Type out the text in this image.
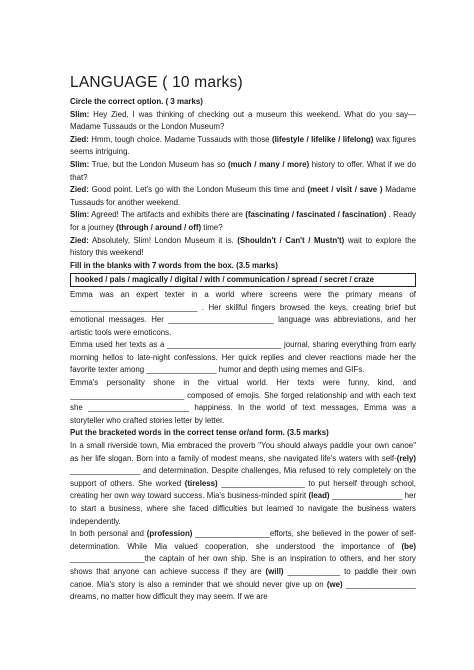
LANGUAGE ( 10 marks)

Circle the correct option. ( 3 marks)

Slim: Hey Zied, I was thinking of checking out a museum this weekend. What do you say—Madame Tussauds or the London Museum?

Zied: Hmm, tough choice. Madame Tussauds with those (lifestyle / lifelike / lifelong) wax figures seems intriguing.

Slim: True, but the London Museum has so (much / many / more) history to offer. What if we do that?

Zied: Good point. Let's go with the London Museum this time and (meet / visit / save ) Madame Tussauds for another weekend.

Slim: Agreed! The artifacts and exhibits there are (fascinating / fascinated / fascination) . Ready for a journey (through / around / off) time?

Zied: Absolutely, Slim! London Museum it is. (Shouldn't / Can't / Mustn't) wait to explore the history this weekend!

Fill in the blanks with 7 words from the box. (3.5 marks)

hooked / pals / magically / digital / with / communication / spread / secret / craze

Emma was an expert texter in a world where screens were the primary means of _____________________________ . Her skillful fingers browsed the keys, creating brief but emotional messages. Her ________________________ language was abbreviations, and her artistic tools were emoticons.

Emma used her texts as a __________________________ journal, sharing everything from early morning hellos to late-night confessions. Her quick replies and clever reactions made her the favorite texter among ________________ humor and depth using memes and GIFs.

Emma's personality shone in the virtual world. Her texts were funny, kind, and __________________________ composed of emojis. She forged relationship and with each text she _______________________ happiness. In the world of text messages, Emma was a storyteller who crafted stories letter by letter.

Put the bracketed words in the correct tense or/and form. (3.5 marks)

In a small riverside town, Mia embraced the proverb "You should always paddle your own canoe" as her life slogan. Born into a family of modest means, she navigated life's waters with self-(rely) ________________ and determination. Despite challenges, Mia refused to rely completely on the support of others. She worked (tireless) ___________________ to put herself through school, creating her own way toward success. Mia's business-minded spirit (lead) ________________ her to start a business, where she faced difficulties but learned to navigate the business waters independently.

In both personal and (profession) _________________efforts, she believed in the power of self-determination. While Mia valued cooperation, she understood the importance of (be) _________________the captain of her own ship. She is an inspiration to others, and her story shows that anyone can achieve success if they are (will) ____________ to paddle their own canoe. Mia's story is also a reminder that we should never give up on (we) ________________ dreams, no matter how difficult they may seem. If we are
